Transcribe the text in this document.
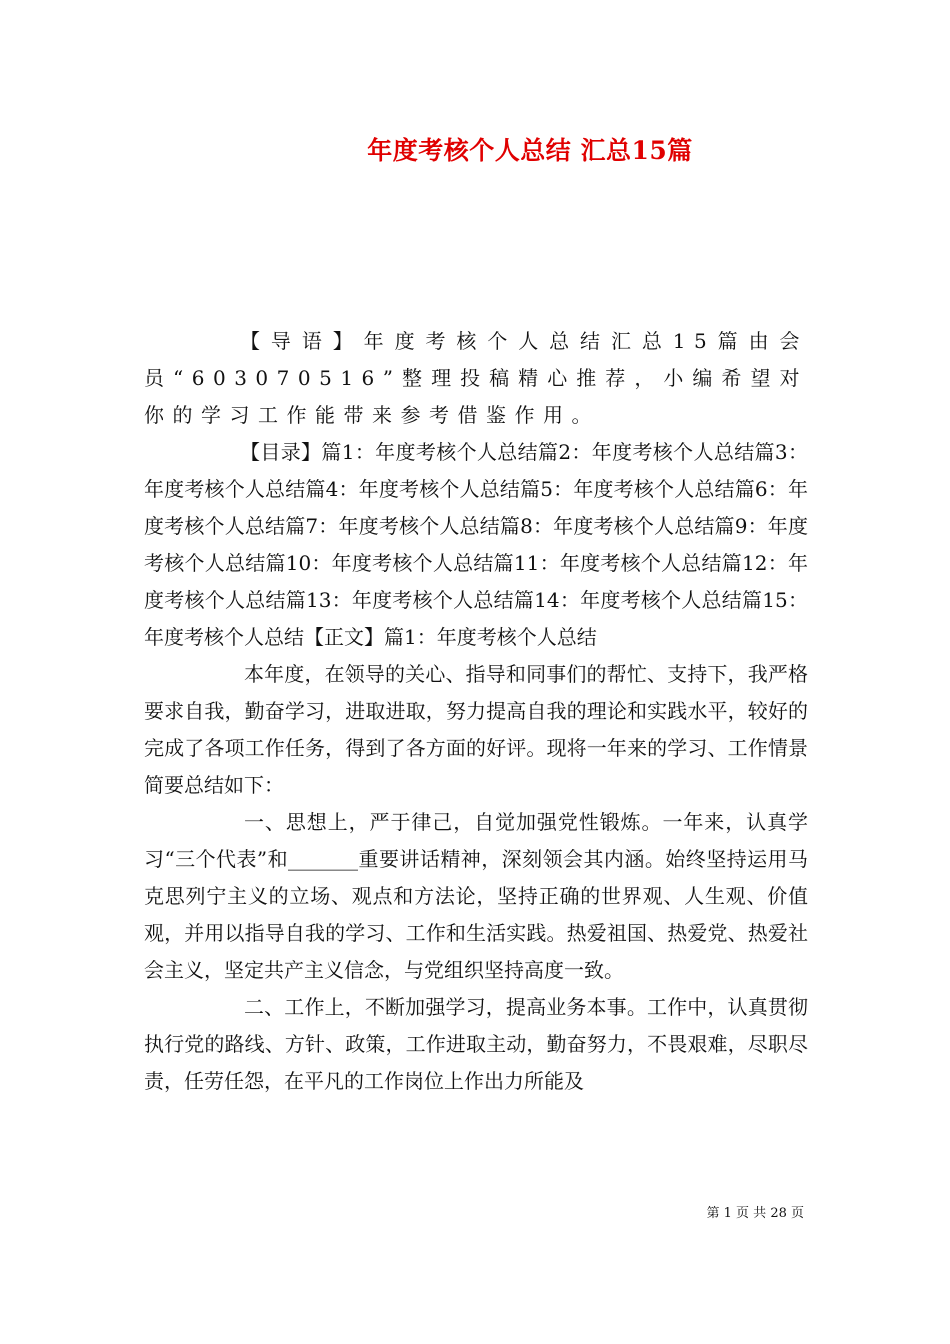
年度考核个人总结 汇总15篇

【导语】年度考核个人总结汇总15篇由会员“603070516”整理投稿精心推荐，小编希望对你的学习工作能带来参考借鉴作用。

【目录】篇1：年度考核个人总结篇2：年度考核个人总结篇3：年度考核个人总结篇4：年度考核个人总结篇5：年度考核个人总结篇6：年度考核个人总结篇7：年度考核个人总结篇8：年度考核个人总结篇9：年度考核个人总结篇10：年度考核个人总结篇11：年度考核个人总结篇12：年度考核个人总结篇13：年度考核个人总结篇14：年度考核个人总结篇15：年度考核个人总结【正文】篇1：年度考核个人总结

本年度，在领导的关心、指导和同事们的帮忙、支持下，我严格要求自我，勤奋学习，进取进取，努力提高自我的理论和实践水平，较好的完成了各项工作任务，得到了各方面的好评。现将一年来的学习、工作情景简要总结如下：

一、思想上，严于律己，自觉加强党性锻炼。一年来，认真学习“三个代表”和_______重要讲话精神，深刻领会其内涵。始终坚持运用马克思列宁主义的立场、观点和方法论，坚持正确的世界观、人生观、价值观，并用以指导自我的学习、工作和生活实践。热爱祖国、热爱党、热爱社会主义，坚定共产主义信念，与党组织坚持高度一致。

二、工作上，不断加强学习，提高业务本事。工作中，认真贯彻执行党的路线、方针、政策，工作进取主动，勤奋努力，不畏艰难，尽职尽责，任劳任怨，在平凡的工作岗位上作出力所能及

第 1 页 共 28 页
